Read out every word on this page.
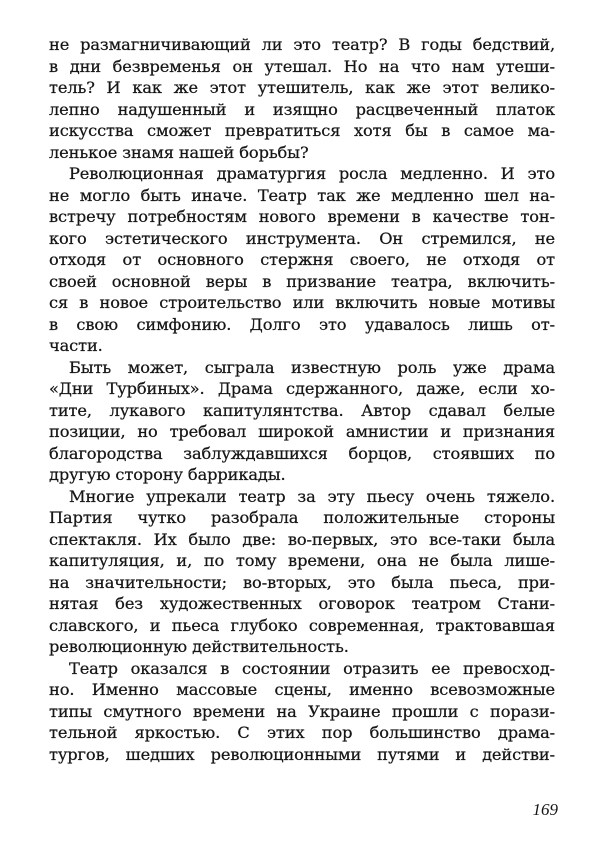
не размагничивающий ли это театр? В годы бедствий,
в дни безвременья он утешал. Но на что нам утеши-
тель? И как же этот утешитель, как же этот велико-
лепно надушенный и изящно расцвеченный платок
искусства сможет превратиться хотя бы в самое ма-
ленькое знамя нашей борьбы?
Революционная драматургия росла медленно. И это
не могло быть иначе. Театр так же медленно шел на-
встречу потребностям нового времени в качестве тон-
кого эстетического инструмента. Он стремился, не
отходя от основного стержня своего, не отходя от
своей основной веры в призвание театра, включить-
ся в новое строительство или включить новые мотивы
в свою симфонию. Долго это удавалось лишь от-
части.
Быть может, сыграла известную роль уже драма
«Дни Турбиных». Драма сдержанного, даже, если хо-
тите, лукавого капитулянтства. Автор сдавал белые
позиции, но требовал широкой амнистии и признания
благородства заблуждавшихся борцов, стоявших по
другую сторону баррикады.
Многие упрекали театр за эту пьесу очень тяжело.
Партия чутко разобрала положительные стороны
спектакля. Их было две: во-первых, это все-таки была
капитуляция, и, по тому времени, она не была лише-
на значительности; во-вторых, это была пьеса, при-
нятая без художественных оговорок театром Стани-
славского, и пьеса глубоко современная, трактовавшая
революционную действительность.
Театр оказался в состоянии отразить ее превосход-
но. Именно массовые сцены, именно всевозможные
типы смутного времени на Украине прошли с порази-
тельной яркостью. С этих пор большинство драма-
тургов, шедших революционными путями и действи-
169
